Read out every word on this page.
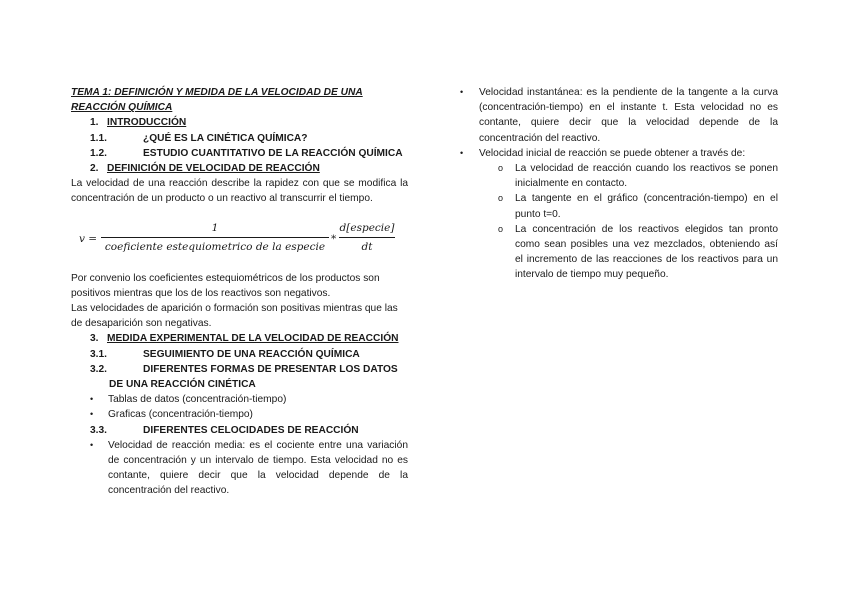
TEMA 1: DEFINICIÓN Y MEDIDA DE LA VELOCIDAD DE UNA
REACCIÓN QUÍMICA

1. INTRODUCCIÓN

1.1.	¿QUÉ ES LA CINÉTICA QUÍMICA?

1.2.	ESTUDIO CUANTITATIVO DE LA REACCIÓN QUÍMICA

2. DEFINICIÓN DE VELOCIDAD DE REACCIÓN

La velocidad de una reacción describe la rapidez con que se modifica la concentración de un producto o un reactivo al transcurrir el tiempo.

v =
1
coeficiente estequiometrico de la especie
*
d[especie]
dt

Por convenio los coeficientes estequiométricos de los productos son positivos mientras que los de los reactivos son negativos.

Las velocidades de aparición o formación son positivas mientras que las de desaparición son negativas.

3. MEDIDA EXPERIMENTAL DE LA VELOCIDAD DE REACCIÓN

3.1.	SEGUIMIENTO DE UNA REACCIÓN QUÍMICA

3.2.	DIFERENTES FORMAS DE PRESENTAR LOS DATOS DE UNA REACCIÓN CINÉTICA

• Tablas de datos (concentración-tiempo)
• Graficas (concentración-tiempo)

3.3.	DIFERENTES CELOCIDADES DE REACCIÓN

• Velocidad de reacción media: es el cociente entre una variación de concentración y un intervalo de tiempo. Esta velocidad no es contante, quiere decir que la velocidad depende de la concentración del reactivo.
• Velocidad instantánea: es la pendiente de la tangente a la curva (concentración-tiempo) en el instante t. Esta velocidad no es contante, quiere decir que la velocidad depende de la concentración del reactivo.
• Velocidad inicial de reacción se puede obtener a través de:
o La velocidad de reacción cuando los reactivos se ponen inicialmente en contacto.
o La tangente en el gráfico (concentración-tiempo) en el punto t=0.
o La concentración de los reactivos elegidos tan pronto como sean posibles una vez mezclados, obteniendo así el incremento de las reacciones de los reactivos para un intervalo de tiempo muy pequeño.
